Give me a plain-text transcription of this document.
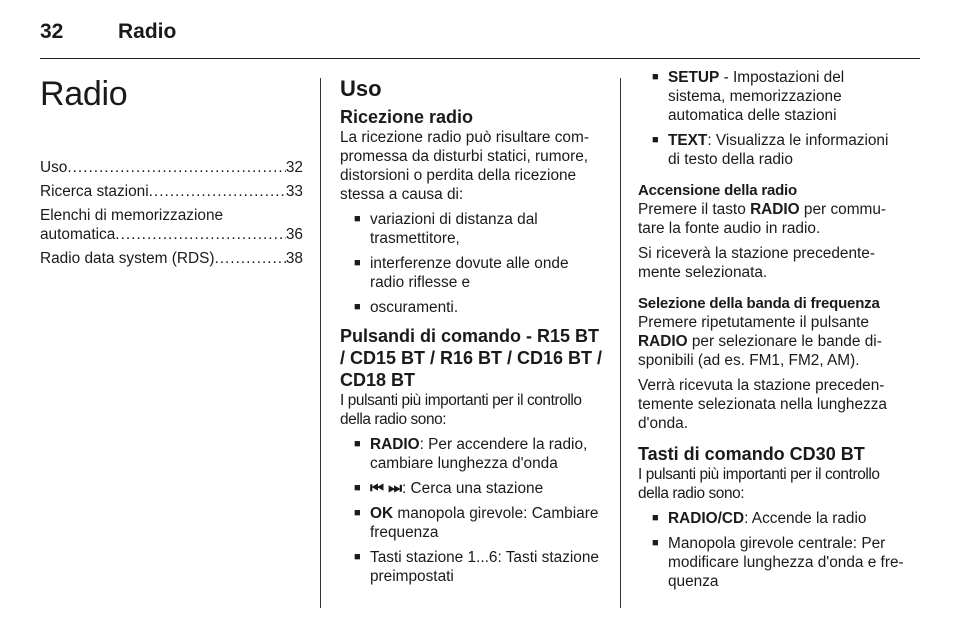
32	Radio
Radio
Uso .....	32
Ricerca stazioni .....	33
Elenchi di memorizzazione
automatica .....	36
Radio data system (RDS) .....	38
Uso
Ricezione radio

La ricezione radio può risultare compromessa da disturbi statici, rumore, distorsioni o perdita della ricezione stessa a causa di:

■ variazioni di distanza dal trasmettitore,
■ interferenze dovute alle onde radio riflesse e
■ oscuramenti.
Pulsandi di comando - R15 BT / CD15 BT / R16 BT / CD16 BT / CD18 BT

I pulsanti più importanti per il controllo della radio sono:

■ RADIO: Per accendere la radio, cambiare lunghezza d'onda
■ ⏮ ⏭: Cerca una stazione
■ OK manopola girevole: Cambiare frequenza
■ Tasti stazione 1...6: Tasti stazione preimpostati
■ SETUP - Impostazioni del sistema, memorizzazione automatica delle stazioni
■ TEXT: Visualizza le informazioni di testo della radio
Accensione della radio

Premere il tasto RADIO per commutare la fonte audio in radio.

Si riceverà la stazione precedentemente selezionata.

Selezione della banda di frequenza

Premere ripetutamente il pulsante RADIO per selezionare le bande disponibili (ad es. FM1, FM2, AM).

Verrà ricevuta la stazione precedentemente selezionata nella lunghezza d'onda.

Tasti di comando CD30 BT

I pulsanti più importanti per il controllo della radio sono:

■ RADIO/CD: Accende la radio
■ Manopola girevole centrale: Per modificare lunghezza d'onda e frequenza
